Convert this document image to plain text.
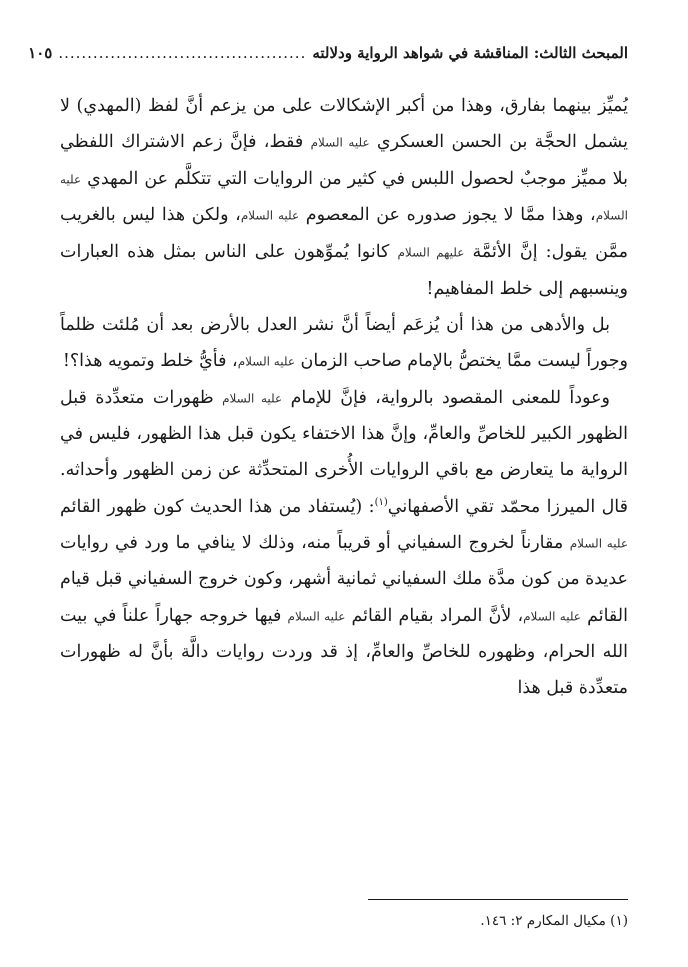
المبحث الثالث: المناقشة في شواهد الرواية ودلالته
...........................................
١٠٥

يُميِّز بينهما بفارق، وهذا من أكبر الإشكالات على من يزعم أنَّ لفظ (المهدي) لا يشمل الحجَّة بن الحسن العسكري عليه السلام فقط، فإنَّ زعم الاشتراك اللفظي بلا مميِّز موجبٌ لحصول اللبس في كثير من الروايات التي تتكلَّم عن المهدي عليه السلام، وهذا ممَّا لا يجوز صدوره عن المعصوم عليه السلام، ولكن هذا ليس بالغريب ممَّن يقول: إنَّ الأئمَّة عليهم السلام كانوا يُموِّهون على الناس بمثل هذه العبارات وينسبهم إلى خلط المفاهيم!

بل والأدهى من هذا أن يُزعَم أيضاً أنَّ نشر العدل بالأرض بعد أن مُلئت ظلماً وجوراً ليست ممَّا يختصُّ بالإمام صاحب الزمان عليه السلام، فأيُّ خلط وتمويه هذا؟!

وعوداً للمعنى المقصود بالرواية، فإنَّ للإمام عليه السلام ظهورات متعدِّدة قبل الظهور الكبير للخاصِّ والعامِّ، وإنَّ هذا الاختفاء يكون قبل هذا الظهور، فليس في الرواية ما يتعارض مع باقي الروايات الأُخرى المتحدِّثة عن زمن الظهور وأحداثه. قال الميرزا محمّد تقي الأصفهاني$^{(١)}$: (يُستفاد من هذا الحديث كون ظهور القائم عليه السلام مقارناً لخروج السفياني أو قريباً منه، وذلك لا ينافي ما ورد في روايات عديدة من كون مدَّة ملك السفياني ثمانية أشهر، وكون خروج السفياني قبل قيام القائم عليه السلام، لأنَّ المراد بقيام القائم عليه السلام فيها خروجه جهاراً علناً في بيت الله الحرام، وظهوره للخاصِّ والعامِّ، إذ قد وردت روايات دالَّة بأنَّ له ظهورات متعدِّدة قبل هذا

(١) مكيال المكارم ٢: ١٤٦.
